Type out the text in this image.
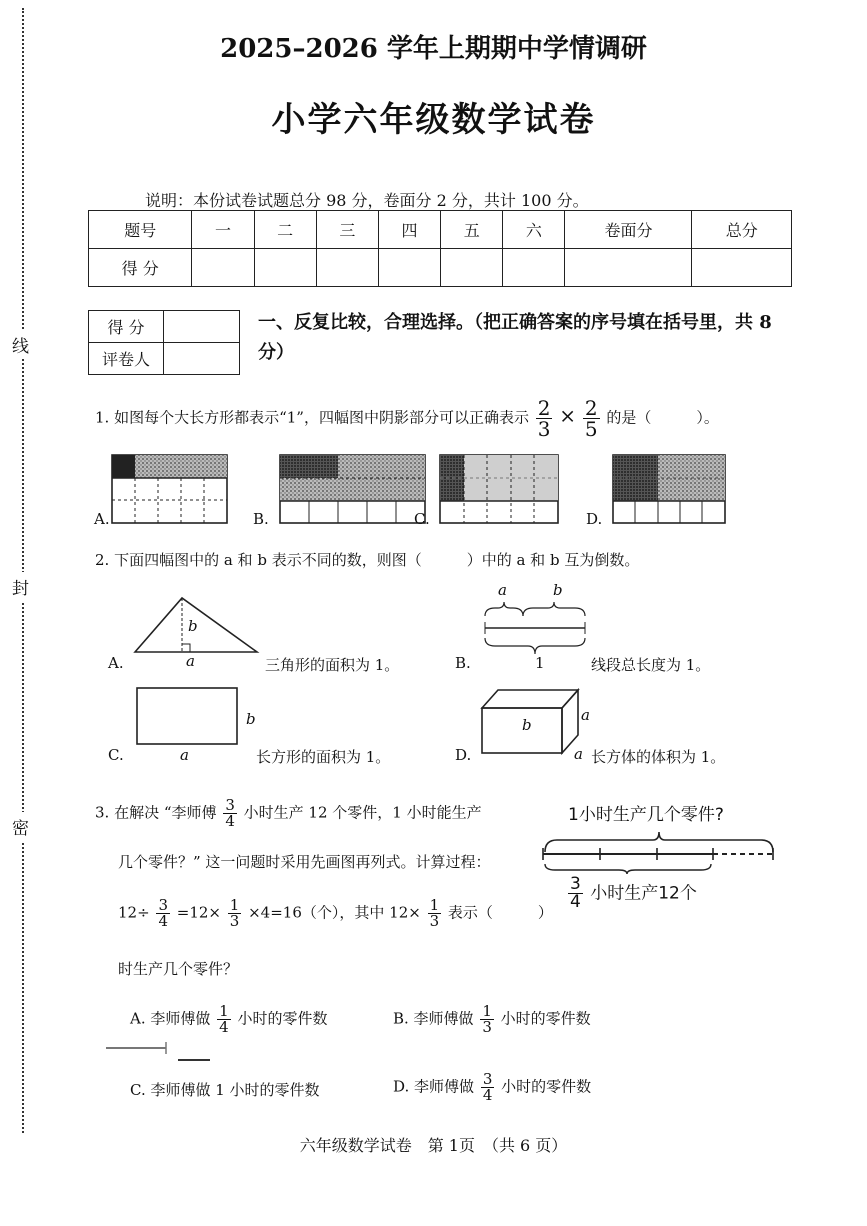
线
封
密
2025–2026 学年上期期中学情调研
小学六年级数学试卷
说明：本份试卷试题总分 98 分，卷面分 2 分，共计 100 分。
题号	一	二	三	四	五	六	卷面分	总分
得 分								
得 分	
评卷人	
一、反复比较，合理选择。（把正确答案的序号填在括号里，共 8 分）
1. 如图每个大长方形都表示“1”，四幅图中阴影部分可以正确表示 $\frac{2}{3} \times \frac{2}{5}$ 的是（　　　）。
A.	B.	C.	D.
2. 下面四幅图中的 a 和 b 表示不同的数，则图（　　　）中的 a 和 b 互为倒数。
b
a
a	b
1
b
a
b
a
a
A.	三角形的面积为 1。	B.	线段总长度为 1。
C.	长方形的面积为 1。	D.	长方体的体积为 1。
3. 在解决 “李师傅 $\frac{3}{4}$ 小时生产 12 个零件，1 小时能生产
几个零件？” 这一问题时采用先画图再列式。计算过程：
$12\div \frac{3}{4} =12\times \frac{1}{3} \times 4=16$（个），其中 $12\times \frac{1}{3}$ 表示（　　　）
时生产几个零件？
1小时生产几个零件?
$\frac{3}{4}$ 小时生产12个
A. 李师傅做 $\frac{1}{4}$ 小时的零件数	B. 李师傅做 $\frac{1}{3}$ 小时的零件数
C. 李师傅做 1 小时的零件数	D. 李师傅做 $\frac{3}{4}$ 小时的零件数
六年级数学试卷　第 1页　（共 6 页）
